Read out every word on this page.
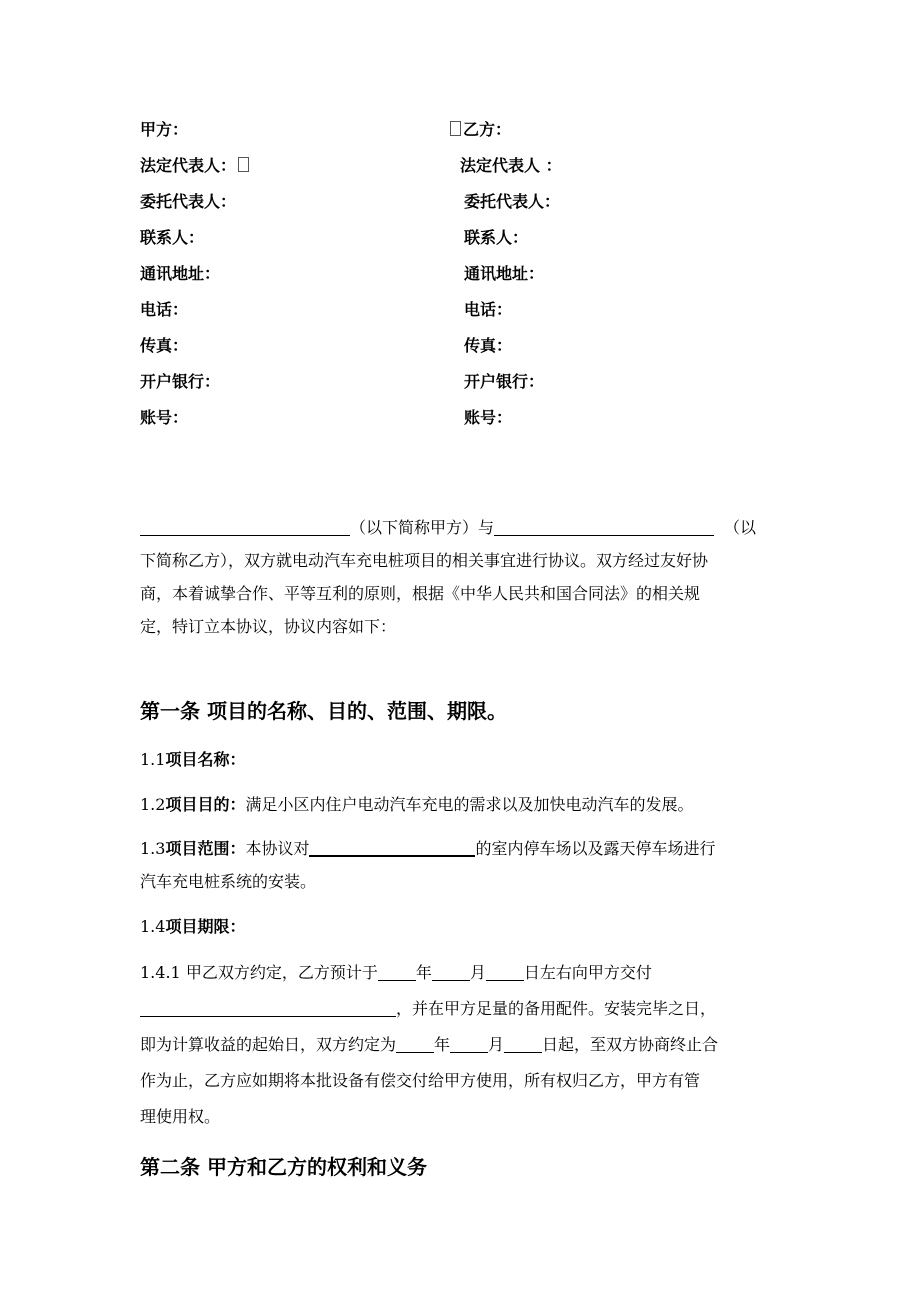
甲方：	乙方：
法定代表人：	法定代表人 ：
委托代表人：	委托代表人：
联系人：	联系人：
通讯地址：	通讯地址：
电话：	电话：
传真：	传真：
开户银行：	开户银行：
账号：	账号：
（以下简称甲方）与	（以
下简称乙方），双方就电动汽车充电桩项目的相关事宜进行协议。双方经过友好协
商，本着诚挚合作、平等互利的原则，根据《中华人民共和国合同法》的相关规
定，特订立本协议，协议内容如下：
第一条 项目的名称、目的、范围、期限。
1.1项目名称：
1.2项目目的：满足小区内住户电动汽车充电的需求以及加快电动汽车的发展。
1.3项目范围：本协议对	的室内停车场以及露天停车场进行
汽车充电桩系统的安装。
1.4项目期限：
1.4.1 甲乙双方约定，乙方预计于 年 月 日左右向甲方交付
，并在甲方足量的备用配件。安装完毕之日，
即为计算收益的起始日，双方约定为 年 月 日起，至双方协商终止合
作为止，乙方应如期将本批设备有偿交付给甲方使用，所有权归乙方，甲方有管
理使用权。
第二条 甲方和乙方的权利和义务
